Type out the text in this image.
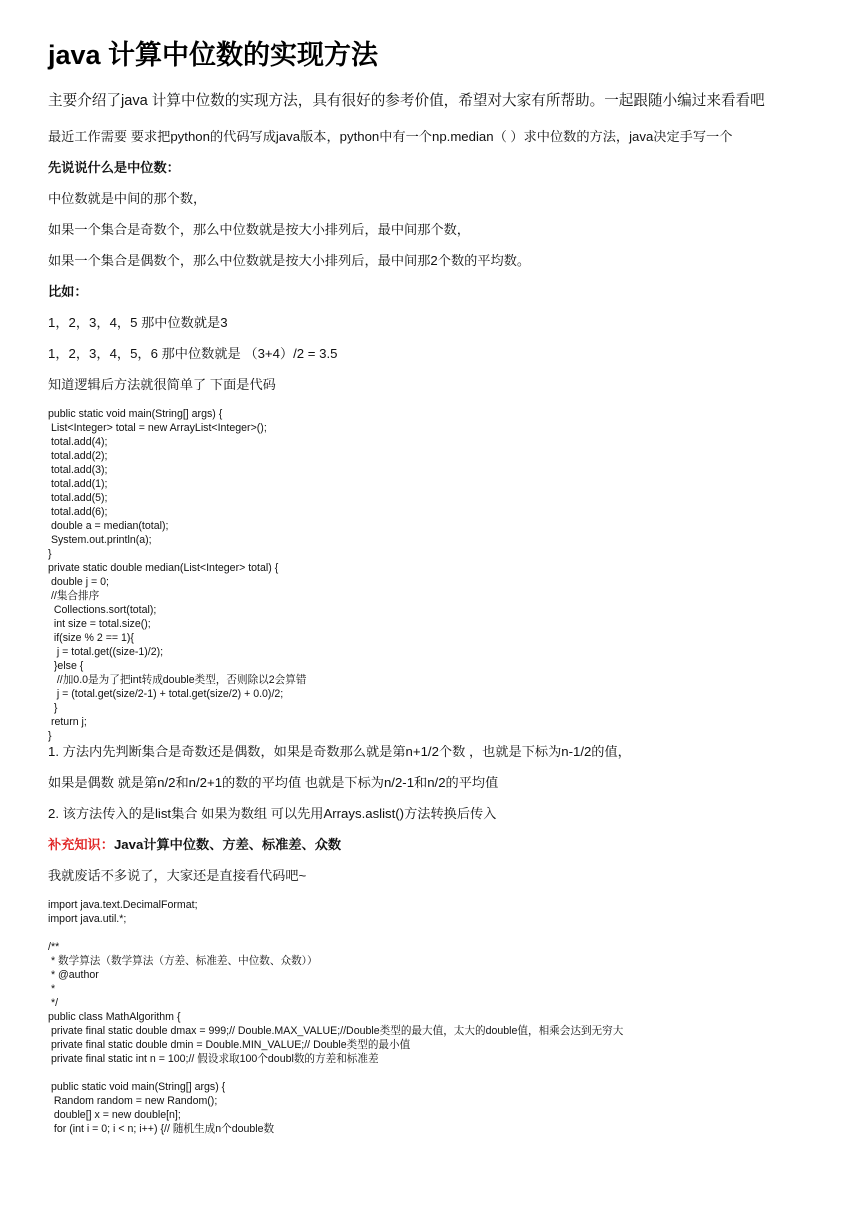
java 计算中位数的实现方法
主要介绍了java 计算中位数的实现方法，具有很好的参考价值，希望对大家有所帮助。一起跟随小编过来看看吧

最近工作需要 要求把python的代码写成java版本，python中有一个np.median（ ）求中位数的方法，java决定手写一个

先说说什么是中位数：

中位数就是中间的那个数，

如果一个集合是奇数个，那么中位数就是按大小排列后，最中间那个数，

如果一个集合是偶数个，那么中位数就是按大小排列后，最中间那2个数的平均数。

比如：

1，2，3，4，5 那中位数就是3

1，2，3，4，5，6 那中位数就是 （3+4）/2 = 3.5

知道逻辑后方法就很简单了 下面是代码

public static void main(String[] args) {
List<Integer> total = new ArrayList<Integer>();
total.add(4);
total.add(2);
total.add(3);
total.add(1);
total.add(5);
total.add(6);
double a = median(total);
System.out.println(a);
}
private static double median(List<Integer> total) {
double j = 0;
//集合排序
Collections.sort(total);
int size = total.size();
if(size % 2 == 1){
j = total.get((size-1)/2);
}else {
//加0.0是为了把int转成double类型，否则除以2会算错
j = (total.get(size/2-1) + total.get(size/2) + 0.0)/2;
}
return j;
}

1. 方法内先判断集合是奇数还是偶数，如果是奇数那么就是第n+1/2个数 ，也就是下标为n-1/2的值，

如果是偶数 就是第n/2和n/2+1的数的平均值 也就是下标为n/2-1和n/2的平均值

2. 该方法传入的是list集合 如果为数组 可以先用Arrays.aslist()方法转换后传入

补充知识：Java计算中位数、方差、标准差、众数

我就废话不多说了，大家还是直接看代码吧~

import java.text.DecimalFormat;
import java.util.*;

/**
* 数学算法（数学算法（方差、标准差、中位数、众数））
* @author
*
*/
public class MathAlgorithm {
private final static double dmax = 999;// Double.MAX_VALUE;//Double类型的最大值，太大的double值，相乘会达到无穷大
private final static double dmin = Double.MIN_VALUE;// Double类型的最小值
private final static int n = 100;// 假设求取100个doubl数的方差和标准差

public static void main(String[] args) {
Random random = new Random();
double[] x = new double[n];
for (int i = 0; i < n; i++) {// 随机生成n个double数
